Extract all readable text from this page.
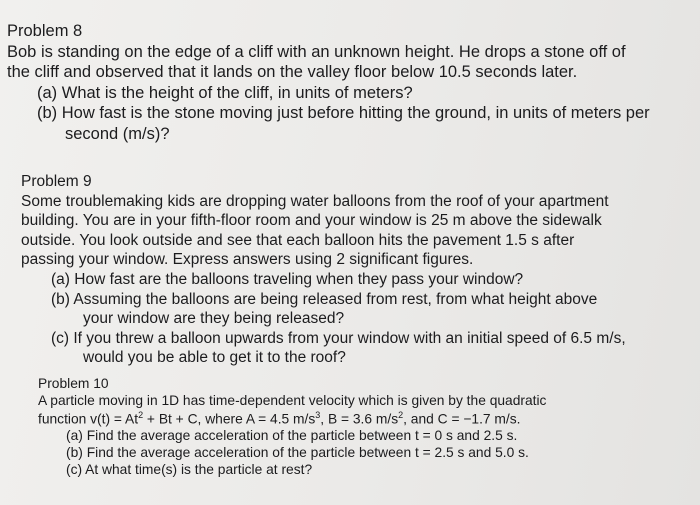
Problem 8
Bob is standing on the edge of a cliff with an unknown height. He drops a stone off of
the cliff and observed that it lands on the valley floor below 10.5 seconds later.
(a) What is the height of the cliff, in units of meters?
(b) How fast is the stone moving just before hitting the ground, in units of meters per
second (m/s)?
Problem 9
Some troublemaking kids are dropping water balloons from the roof of your apartment
building. You are in your fifth-floor room and your window is 25 m above the sidewalk
outside. You look outside and see that each balloon hits the pavement 1.5 s after
passing your window. Express answers using 2 significant figures.
(a) How fast are the balloons traveling when they pass your window?
(b) Assuming the balloons are being released from rest, from what height above
your window are they being released?
(c) If you threw a balloon upwards from your window with an initial speed of 6.5 m/s,
would you be able to get it to the roof?
Problem 10
A particle moving in 1D has time-dependent velocity which is given by the quadratic
function $v(t) = At^2 + Bt + C$, where A = 4.5 $m/s^3$, B = 3.6 $m/s^2$, and C = −1.7 m/s.
(a) Find the average acceleration of the particle between t = 0 s and 2.5 s.
(b) Find the average acceleration of the particle between t = 2.5 s and 5.0 s.
(c) At what time(s) is the particle at rest?
